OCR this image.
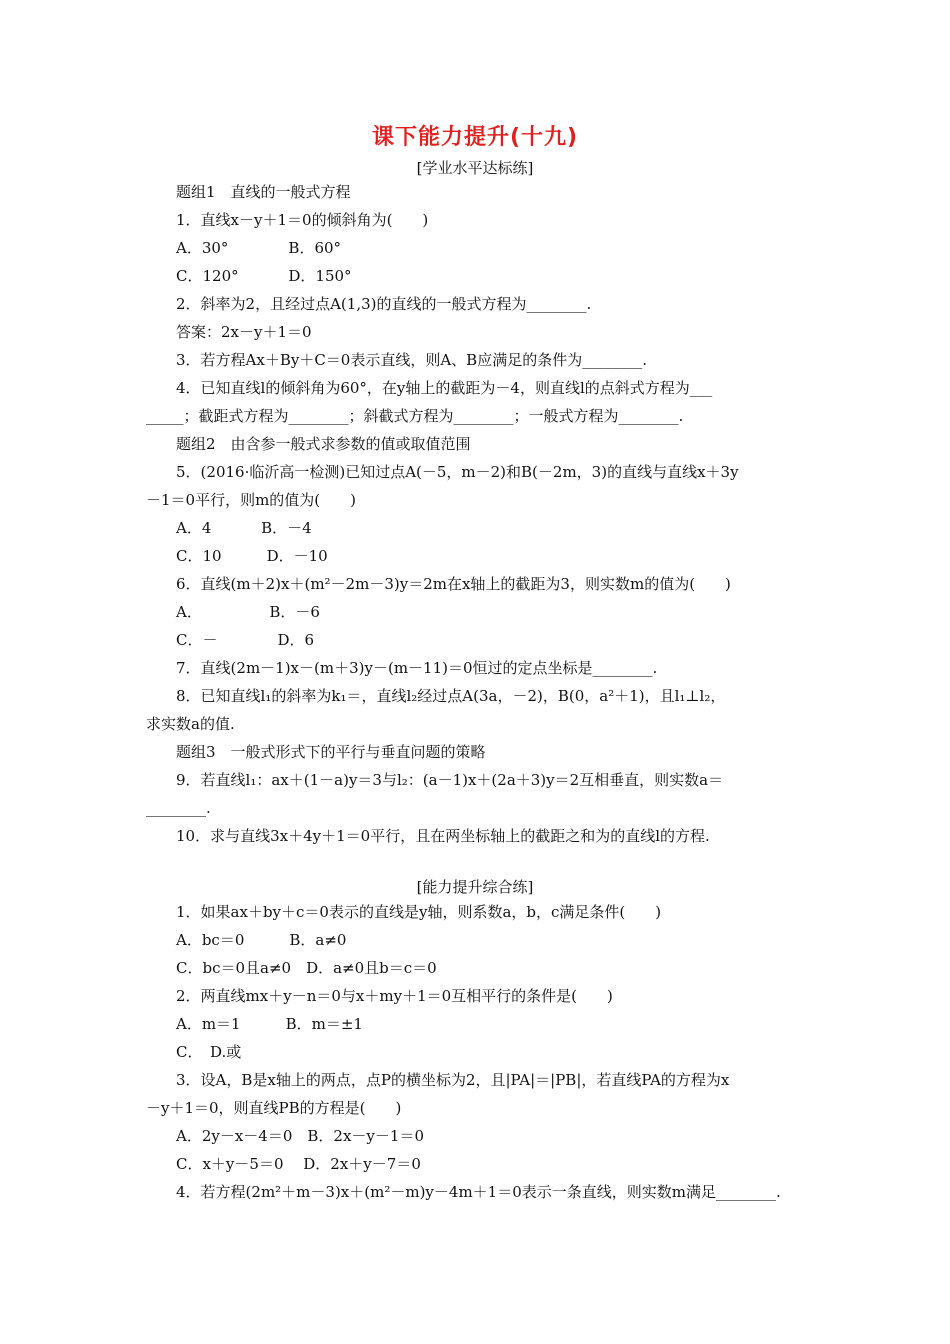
课下能力提升(十九)
[学业水平达标练]
题组1　直线的一般式方程
1．直线x－y＋1＝0的倾斜角为(　　)
A．30°　　　　B．60°
C．120°　　　 D．150°
2．斜率为2，且经过点A(1,3)的直线的一般式方程为________.
答案：2x－y＋1＝0
3．若方程Ax＋By＋C＝0表示直线，则A、B应满足的条件为________.
4．已知直线l的倾斜角为60°，在y轴上的截距为－4，则直线l的点斜式方程为___
_____；截距式方程为________；斜截式方程为________；一般式方程为________.
题组2　由含参一般式求参数的值或取值范围
5．(2016·临沂高一检测)已知过点A(－5，m－2)和B(－2m，3)的直线与直线x＋3y
－1＝0平行，则m的值为(　　)
A．4　　　 B．－4
C．10　　　D．－10
6．直线(m＋2)x＋(m²－2m－3)y＝2m在x轴上的截距为3，则实数m的值为(　　)
A．　　　　　B．－6
C．－　　　　D．6
7．直线(2m－1)x－(m＋3)y－(m－11)＝0恒过的定点坐标是________.
8．已知直线l₁的斜率为k₁＝，直线l₂经过点A(3a，－2)，B(0，a²＋1)，且l₁⊥l₂，
求实数a的值.
题组3　一般式形式下的平行与垂直问题的策略
9．若直线l₁：ax＋(1－a)y＝3与l₂：(a－1)x＋(2a＋3)y＝2互相垂直，则实数a＝
________.
10．求与直线3x＋4y＋1＝0平行，且在两坐标轴上的截距之和为的直线l的方程.
[能力提升综合练]
1．如果ax＋by＋c＝0表示的直线是y轴，则系数a，b，c满足条件(　　)
A．bc＝0　　　B．a≠0
C．bc＝0且a≠0　D．a≠0且b＝c＝0
2．两直线mx＋y－n＝0与x＋my＋1＝0互相平行的条件是(　　)
A．m＝1　　　B．m＝±1
C．　D.或
3．设A，B是x轴上的两点，点P的横坐标为2，且|PA|＝|PB|，若直线PA的方程为x
－y＋1＝0，则直线PB的方程是(　　)
A．2y－x－4＝0　B．2x－y－1＝0
C．x＋y－5＝0　 D．2x＋y－7＝0
4．若方程(2m²＋m－3)x＋(m²－m)y－4m＋1＝0表示一条直线，则实数m满足________.
